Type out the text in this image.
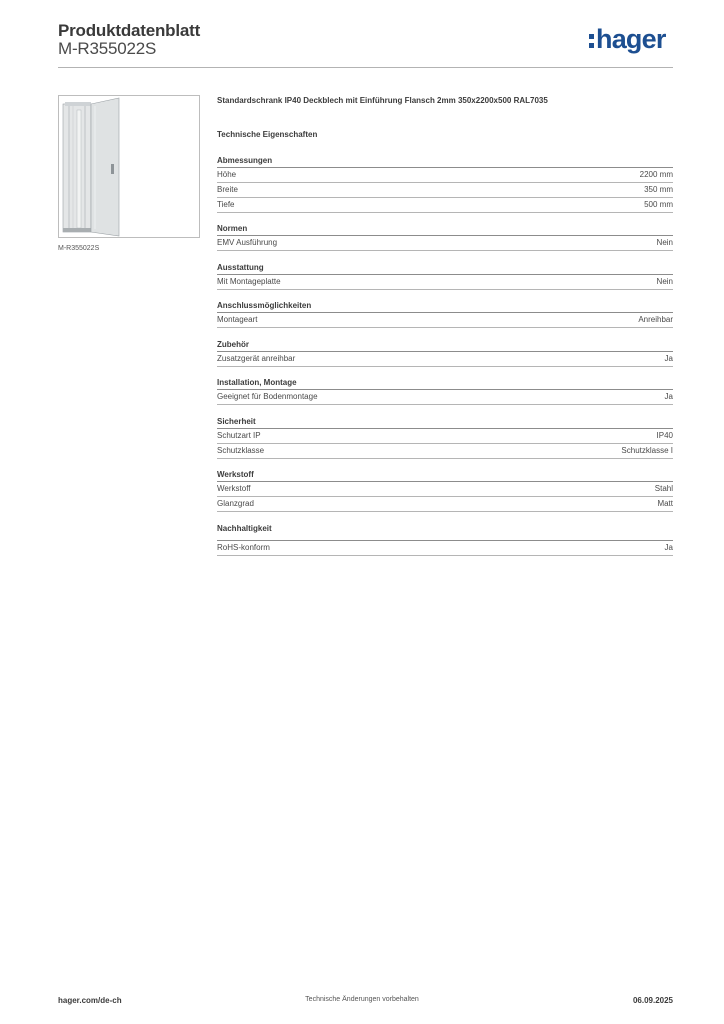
Produktdatenblatt
M-R355022S	hager
M-R355022S
Standardschrank IP40 Deckblech mit Einführung Flansch 2mm 350x2200x500 RAL7035
Technische Eigenschaften
Abmessungen
Höhe	2200 mm
Breite	350 mm
Tiefe	500 mm
Normen
EMV Ausführung	Nein
Ausstattung
Mit Montageplatte	Nein
Anschlussmöglichkeiten
Montageart	Anreihbar
Zubehör
Zusatzgerät anreihbar	Ja
Installation, Montage
Geeignet für Bodenmontage	Ja
Sicherheit
Schutzart IP	IP40
Schutzklasse	Schutzklasse I
Werkstoff
Werkstoff	Stahl
Glanzgrad	Matt
Nachhaltigkeit
RoHS-konform	Ja
hager.com/de-ch	Technische Änderungen vorbehalten	06.09.2025
